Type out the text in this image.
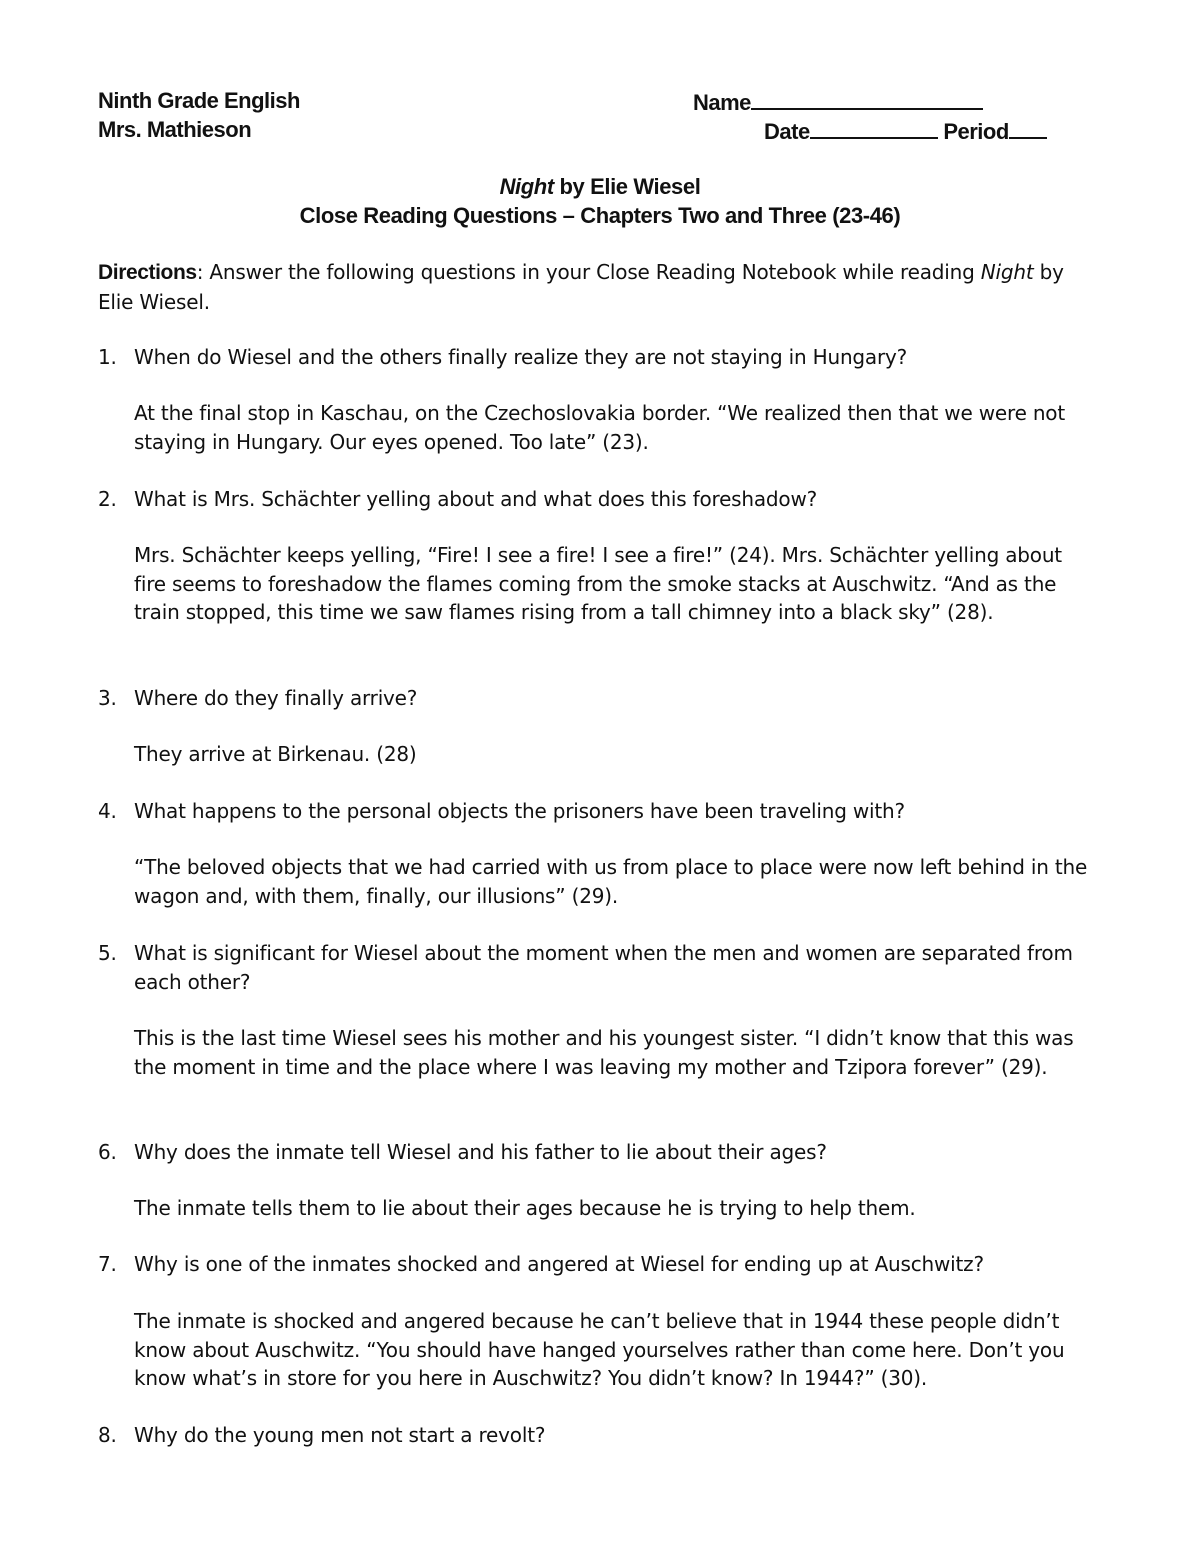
Ninth Grade English
Mrs. Mathieson
Name
Date	Period
Night by Elie Wiesel
Close Reading Questions – Chapters Two and Three (23-46)
Directions: Answer the following questions in your Close Reading Notebook while reading Night by Elie Wiesel.
1. When do Wiesel and the others finally realize they are not staying in Hungary?
At the final stop in Kaschau, on the Czechoslovakia border. “We realized then that we were not staying in Hungary. Our eyes opened. Too late” (23).
2. What is Mrs. Schächter yelling about and what does this foreshadow?
Mrs. Schächter keeps yelling, “Fire! I see a fire! I see a fire!” (24). Mrs. Schächter yelling about fire seems to foreshadow the flames coming from the smoke stacks at Auschwitz. “And as the train stopped, this time we saw flames rising from a tall chimney into a black sky” (28).
3. Where do they finally arrive?
They arrive at Birkenau. (28)
4. What happens to the personal objects the prisoners have been traveling with?
“The beloved objects that we had carried with us from place to place were now left behind in the wagon and, with them, finally, our illusions” (29).
5. What is significant for Wiesel about the moment when the men and women are separated from each other?
This is the last time Wiesel sees his mother and his youngest sister. “I didn’t know that this was the moment in time and the place where I was leaving my mother and Tzipora forever” (29).
6. Why does the inmate tell Wiesel and his father to lie about their ages?
The inmate tells them to lie about their ages because he is trying to help them.
7. Why is one of the inmates shocked and angered at Wiesel for ending up at Auschwitz?
The inmate is shocked and angered because he can’t believe that in 1944 these people didn’t know about Auschwitz. “You should have hanged yourselves rather than come here. Don’t you know what’s in store for you here in Auschwitz? You didn’t know? In 1944?” (30).
8. Why do the young men not start a revolt?
